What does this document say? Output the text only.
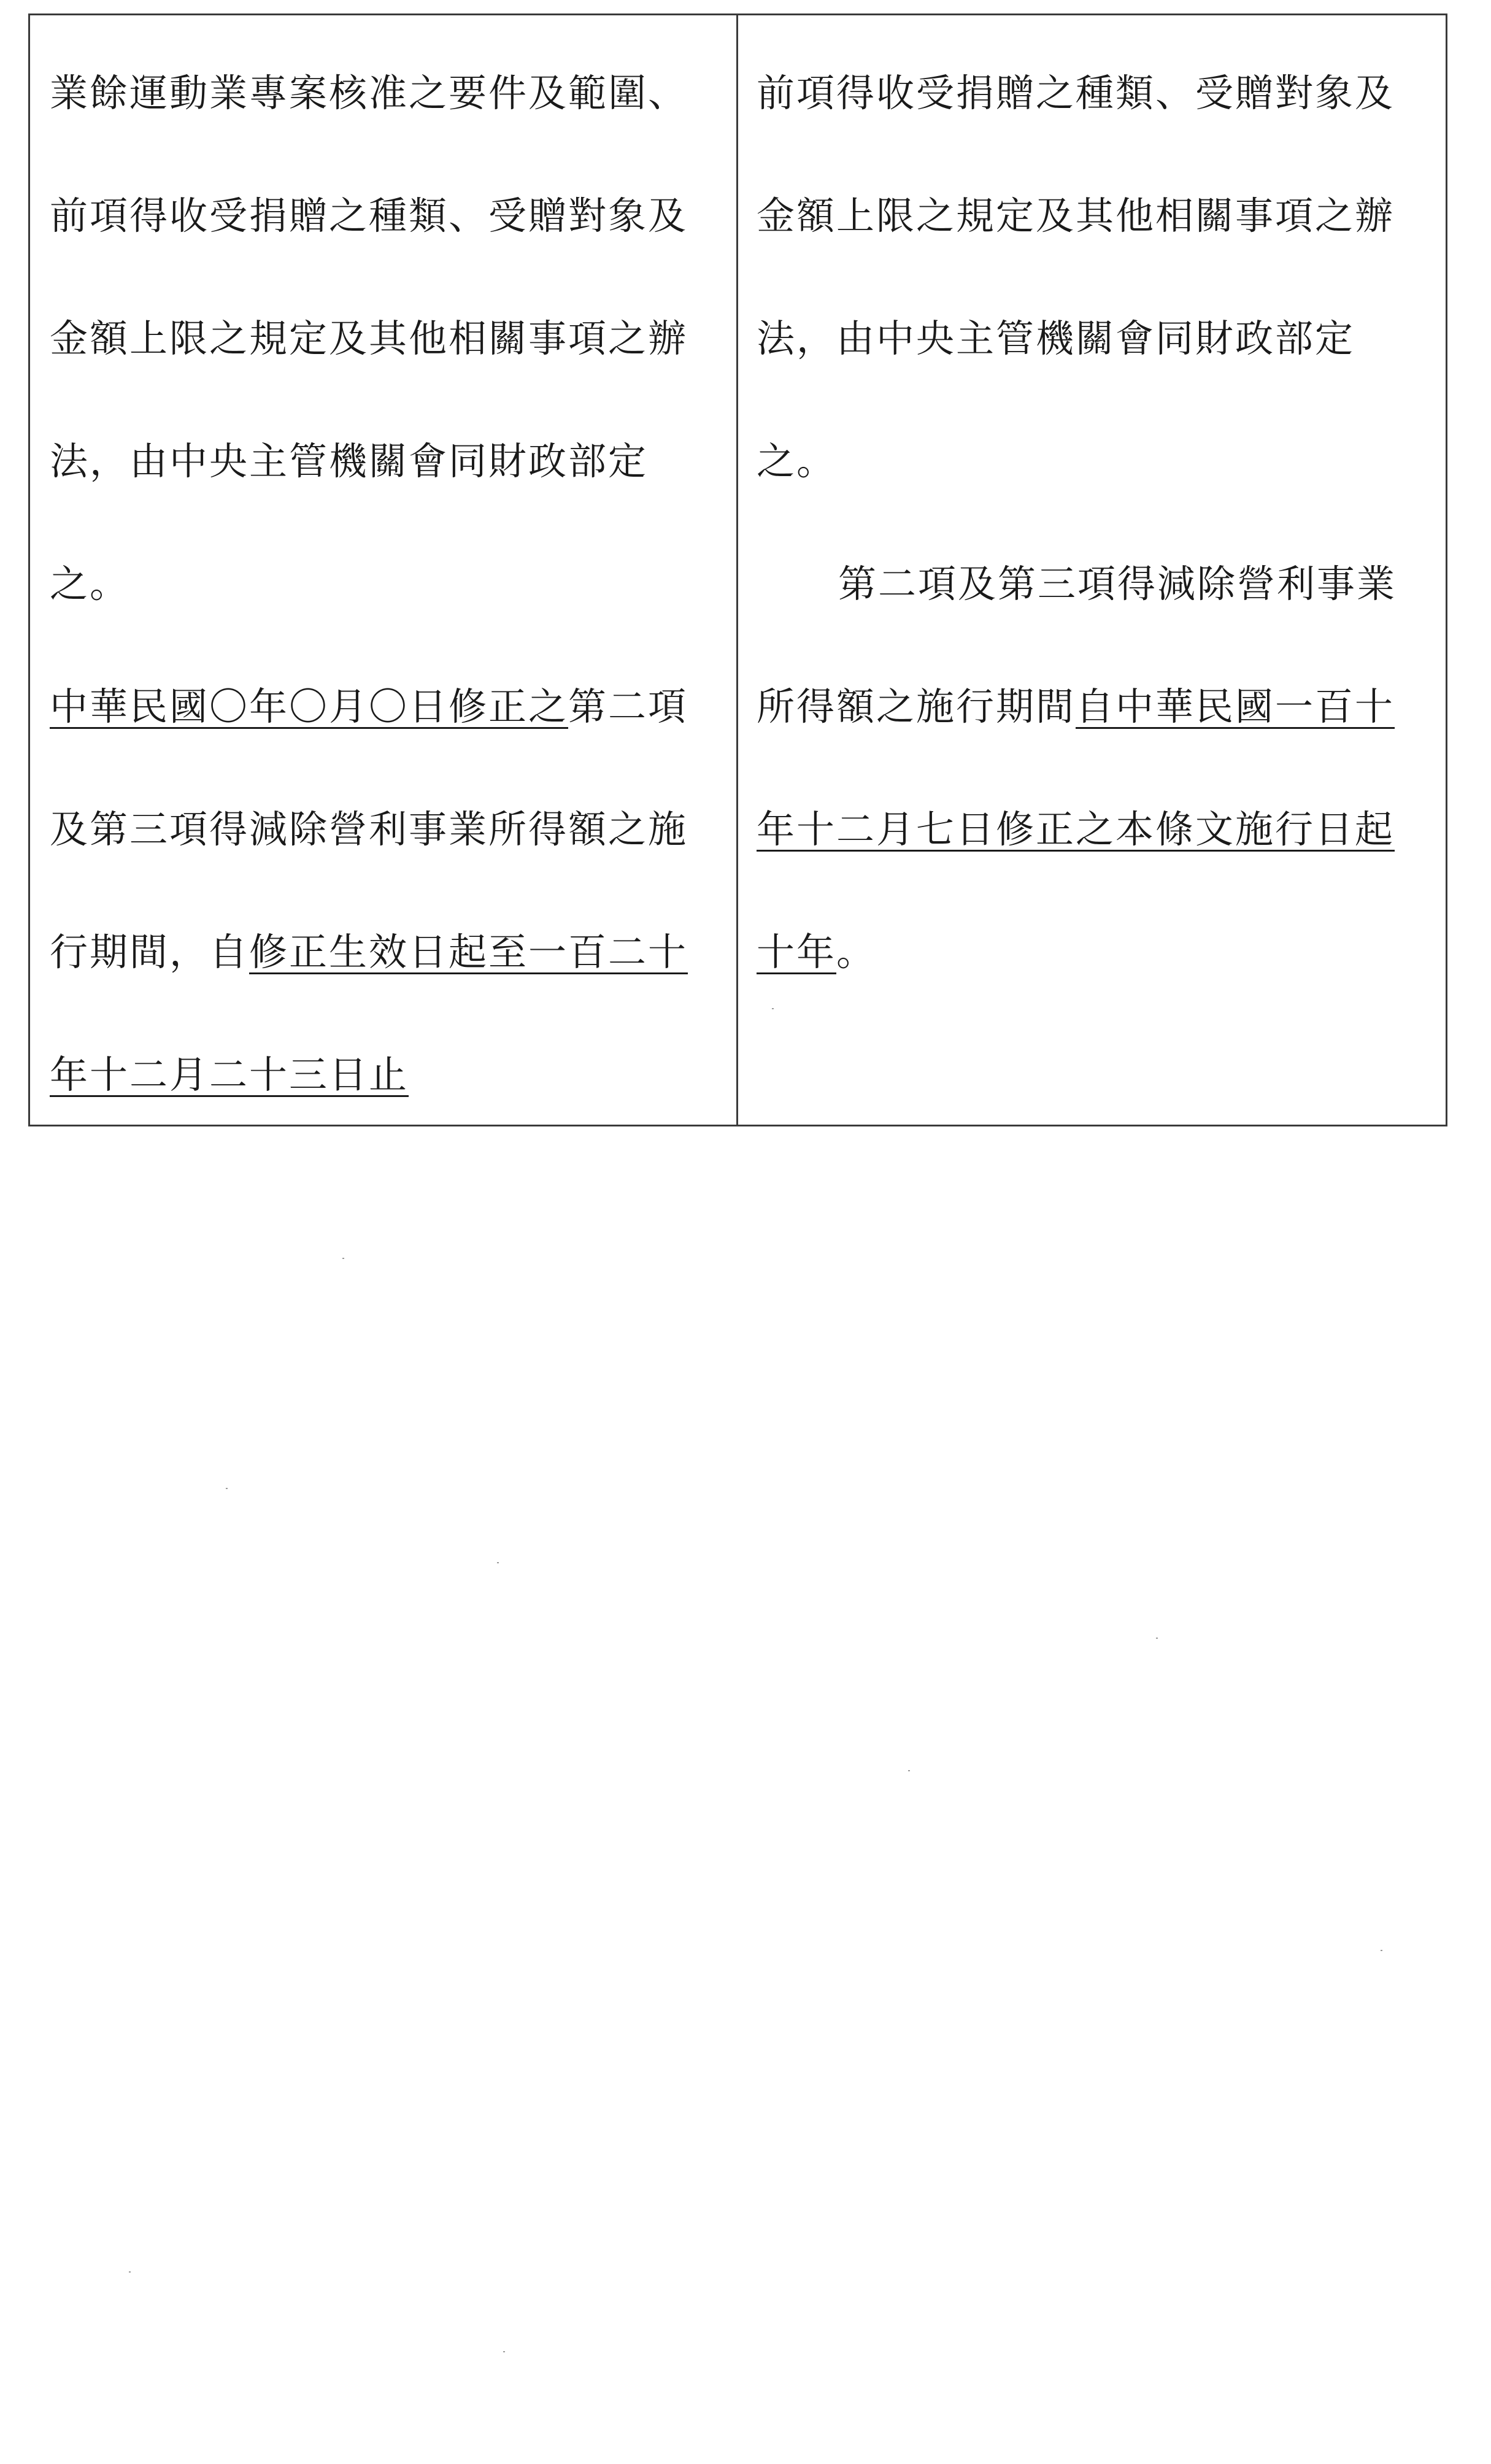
業餘運動業專案核准之要件及範圍、
前項得收受捐贈之種類、受贈對象及
金額上限之規定及其他相關事項之辦
法，由中央主管機關會同財政部定
之。
中華民國〇年〇月〇日修正之第二項
及第三項得減除營利事業所得額之施
行期間，自修正生效日起至一百二十
年十二月二十三日止
前項得收受捐贈之種類、受贈對象及
金額上限之規定及其他相關事項之辦
法，由中央主管機關會同財政部定
之。
第二項及第三項得減除營利事業
所得額之施行期間自中華民國一百十
年十二月七日修正之本條文施行日起
十年。
